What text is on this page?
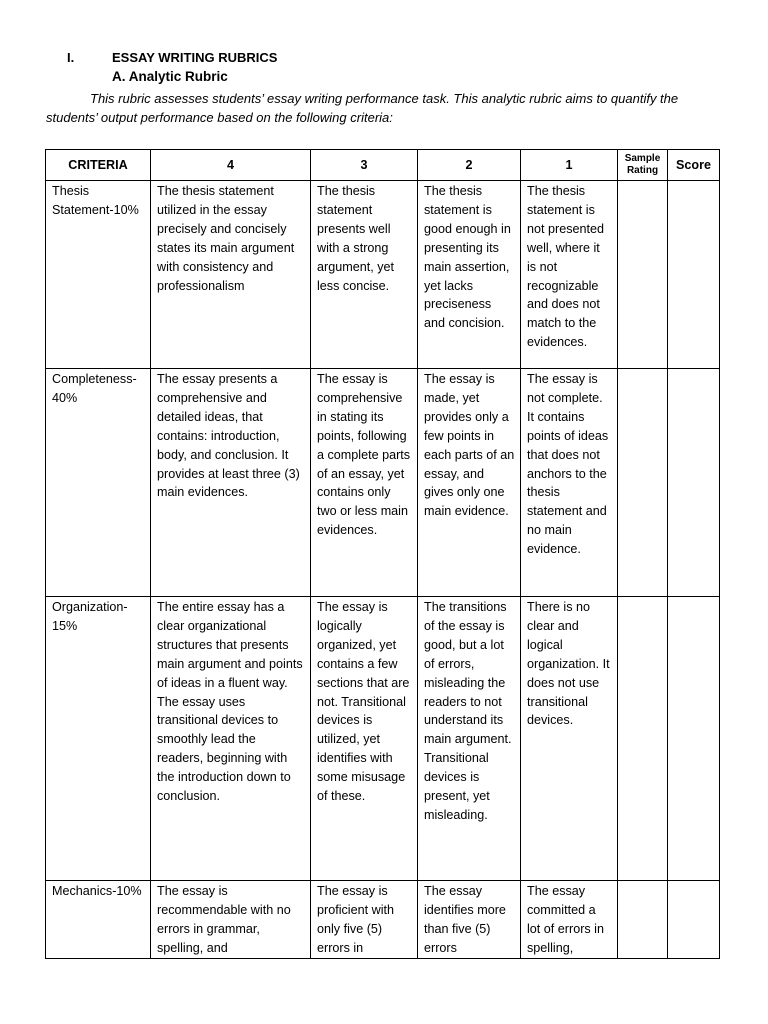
I.	ESSAY WRITING RUBRICS
A. Analytic Rubric
This rubric assesses students’ essay writing performance task. This analytic rubric aims to quantify the students’ output performance based on the following criteria:
CRITERIA	4	3	2	1	Sample Rating	Score
Thesis Statement-10%	The thesis statement utilized in the essay precisely and concisely states its main argument with consistency and professionalism	The thesis statement presents well with a strong argument, yet less concise.	The thesis statement is good enough in presenting its main assertion, yet lacks preciseness and concision.	The thesis statement is not presented well, where it is not recognizable and does not match to the evidences.		
Completeness-40%	The essay presents a comprehensive and detailed ideas, that contains: introduction, body, and conclusion. It provides at least three (3) main evidences.	The essay is comprehensive in stating its points, following a complete parts of an essay, yet contains only two or less main evidences.	The essay is made, yet provides only a few points in each parts of an essay, and gives only one main evidence.	The essay is not complete. It contains points of ideas that does not anchors to the thesis statement and no main evidence.		
Organization-15%	The entire essay has a clear organizational structures that presents main argument and points of ideas in a fluent way. The essay uses transitional devices to smoothly lead the readers, beginning with the introduction down to conclusion.	The essay is logically organized, yet contains a few sections that are not. Transitional devices is utilized, yet identifies with some misusage of these.	The transitions of the essay is good, but a lot of errors, misleading the readers to not understand its main argument. Transitional devices is present, yet misleading.	There is no clear and logical organization. It does not use transitional devices.		
Mechanics-10%	The essay is recommendable with no errors in grammar, spelling, and	The essay is proficient with only five (5) errors in	The essay identifies more than five (5) errors	The essay committed a lot of errors in spelling,		
